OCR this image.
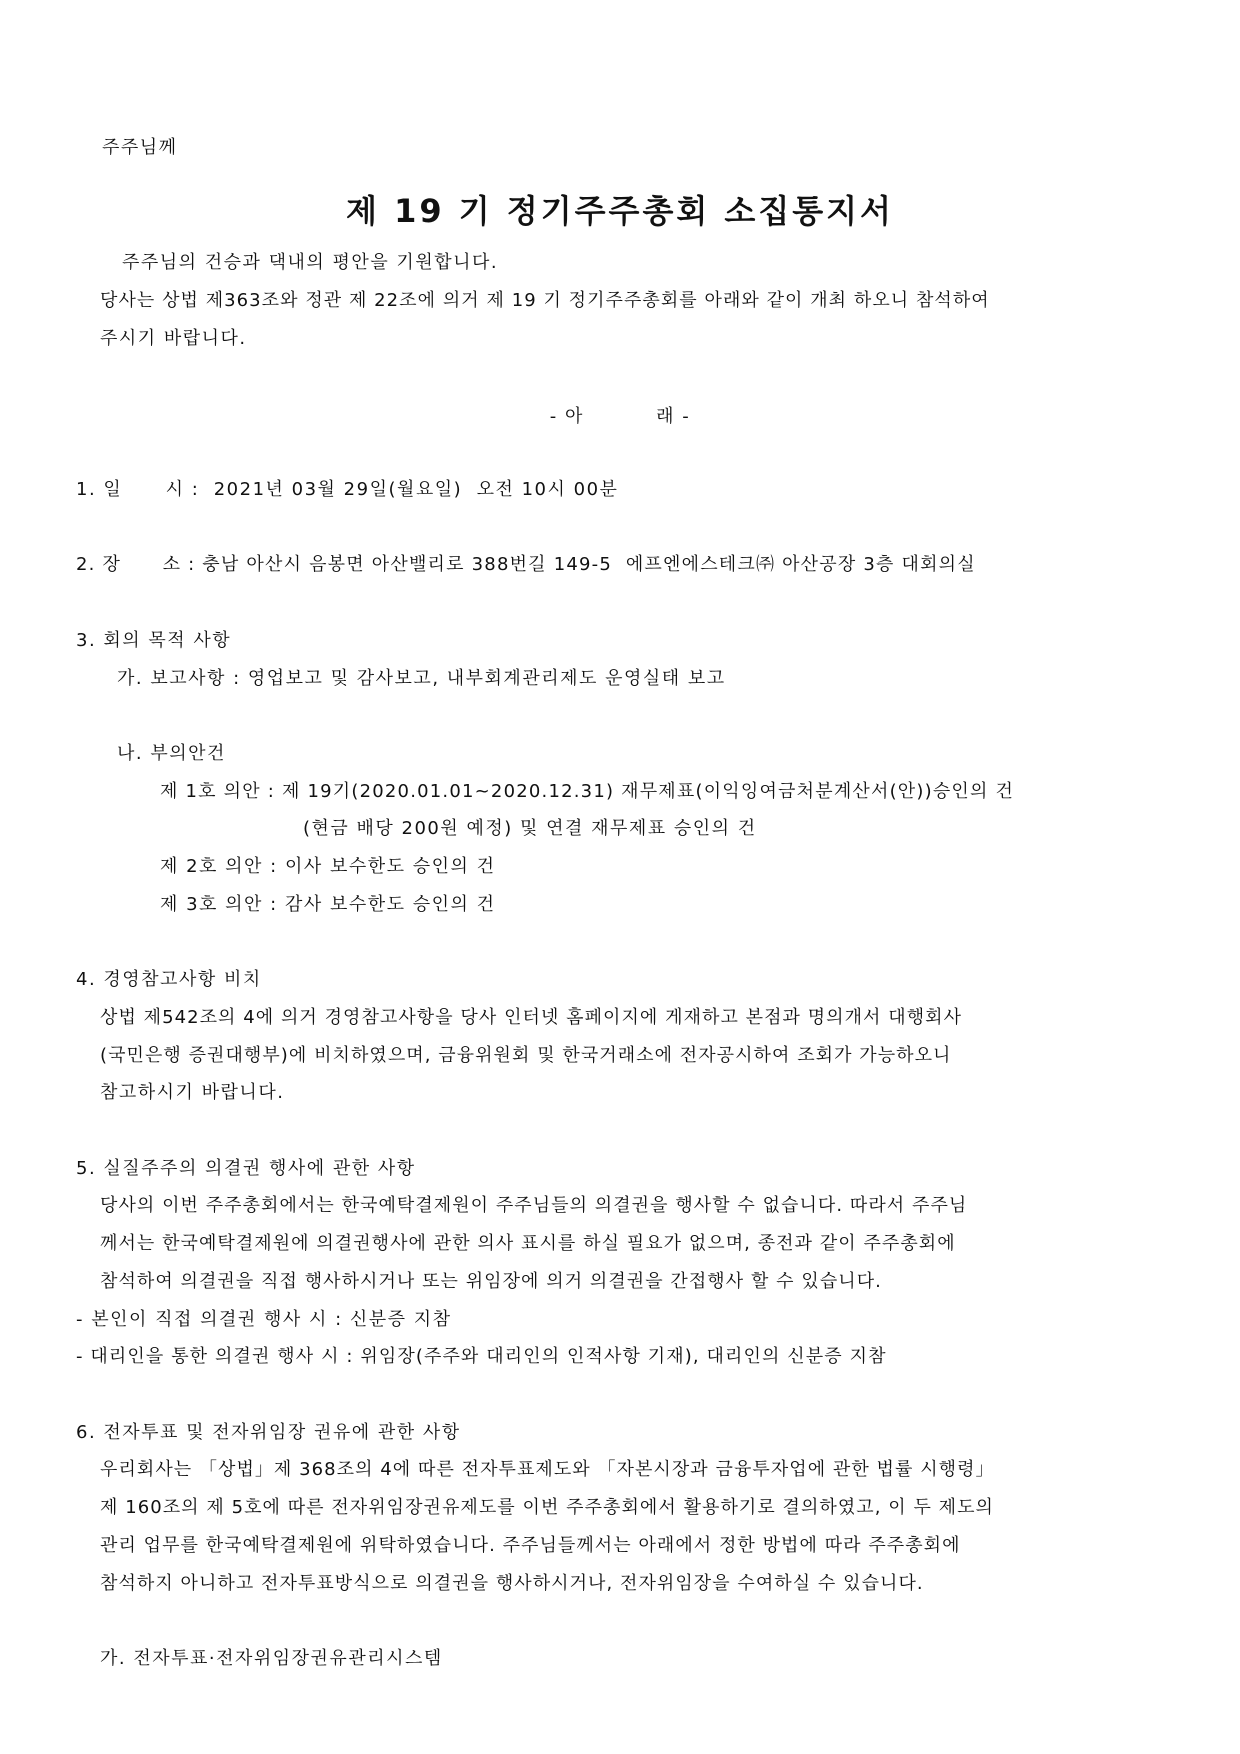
주주님께
제 19 기 정기주주총회 소집통지서
주주님의 건승과 댁내의 평안을 기원합니다.
당사는 상법 제363조와 정관 제 22조에 의거 제 19 기 정기주주총회를 아래와 같이 개최 하오니 참석하여
주시기 바랍니다.
- 아          래 -
1. 일      시 :  2021년 03월 29일(월요일)  오전 10시 00분
2. 장      소 : 충남 아산시 음봉면 아산밸리로 388번길 149-5  에프엔에스테크㈜ 아산공장 3층 대회의실
3. 회의 목적 사항
가. 보고사항 : 영업보고 및 감사보고, 내부회계관리제도 운영실태 보고
나. 부의안건
제 1호 의안 : 제 19기(2020.01.01~2020.12.31) 재무제표(이익잉여금처분계산서(안))승인의 건
(현금 배당 200원 예정) 및 연결 재무제표 승인의 건
제 2호 의안 : 이사 보수한도 승인의 건
제 3호 의안 : 감사 보수한도 승인의 건
4. 경영참고사항 비치
상법 제542조의 4에 의거 경영참고사항을 당사 인터넷 홈페이지에 게재하고 본점과 명의개서 대행회사
(국민은행 증권대행부)에 비치하였으며, 금융위원회 및 한국거래소에 전자공시하여 조회가 가능하오니
참고하시기 바랍니다.
5. 실질주주의 의결권 행사에 관한 사항
당사의 이번 주주총회에서는 한국예탁결제원이 주주님들의 의결권을 행사할 수 없습니다. 따라서 주주님
께서는 한국예탁결제원에 의결권행사에 관한 의사 표시를 하실 필요가 없으며, 종전과 같이 주주총회에
참석하여 의결권을 직접 행사하시거나 또는 위임장에 의거 의결권을 간접행사 할 수 있습니다.
- 본인이 직접 의결권 행사 시 : 신분증 지참
- 대리인을 통한 의결권 행사 시 : 위임장(주주와 대리인의 인적사항 기재), 대리인의 신분증 지참
6. 전자투표 및 전자위임장 권유에 관한 사항
우리회사는 「상법」제 368조의 4에 따른 전자투표제도와 「자본시장과 금융투자업에 관한 법률 시행령」
제 160조의 제 5호에 따른 전자위임장권유제도를 이번 주주총회에서 활용하기로 결의하였고, 이 두 제도의
관리 업무를 한국예탁결제원에 위탁하였습니다. 주주님들께서는 아래에서 정한 방법에 따라 주주총회에
참석하지 아니하고 전자투표방식으로 의결권을 행사하시거나, 전자위임장을 수여하실 수 있습니다.
가. 전자투표·전자위임장권유관리시스템
